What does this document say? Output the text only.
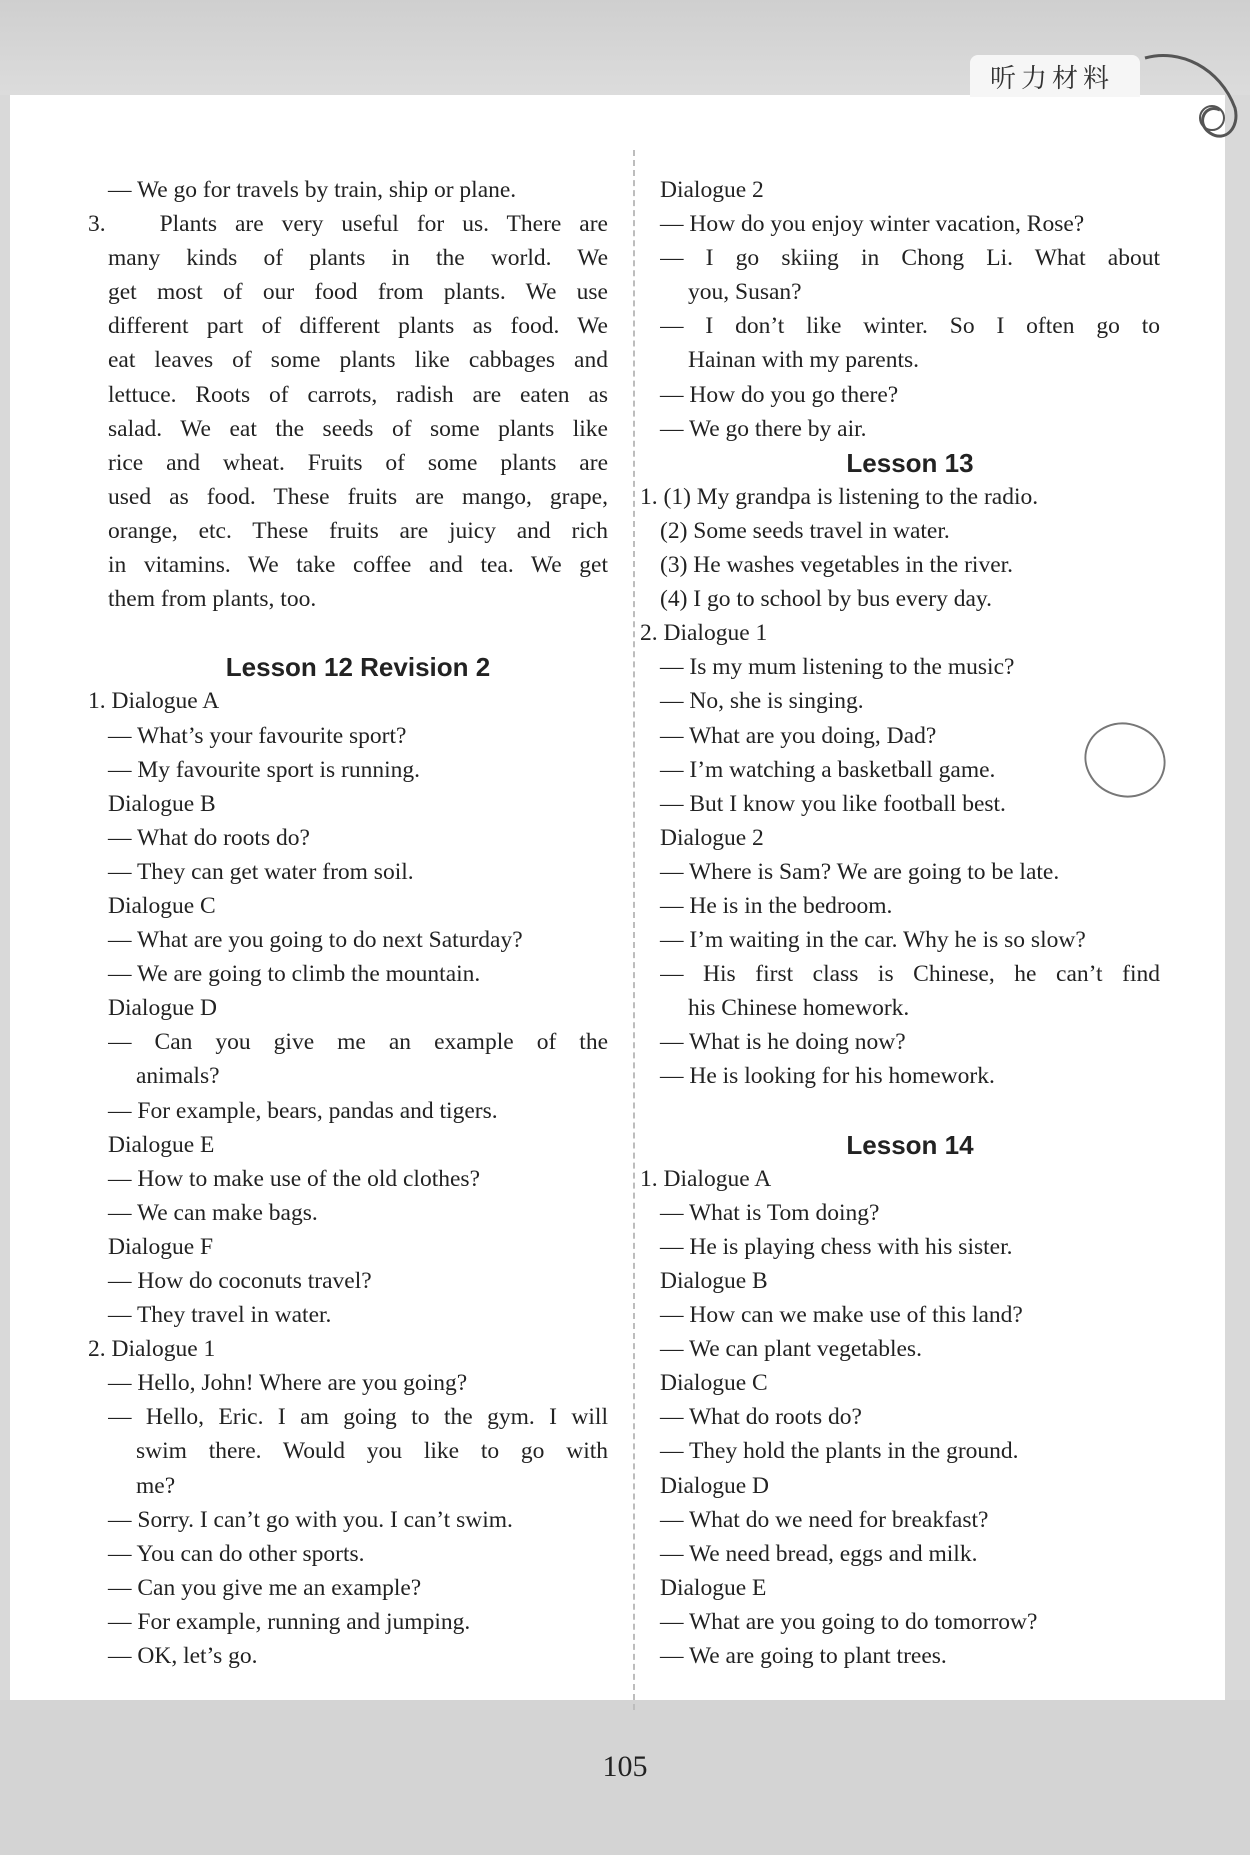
听力材料
— We go for travels by train, ship or plane.
3.   Plants are very useful for us. There are
many kinds of plants in the world. We
get most of our food from plants. We use
different part of different plants as food. We
eat leaves of some plants like cabbages and
lettuce. Roots of carrots, radish are eaten as
salad. We eat the seeds of some plants like
rice and wheat. Fruits of some plants are
used as food. These fruits are mango, grape,
orange, etc. These fruits are juicy and rich
in vitamins. We take coffee and tea. We get
them from plants, too.
Lesson 12 Revision 2
1. Dialogue A
— What’s your favourite sport?
— My favourite sport is running.
Dialogue B
— What do roots do?
— They can get water from soil.
Dialogue C
— What are you going to do next Saturday?
— We are going to climb the mountain.
Dialogue D
— Can you give me an example of the
animals?
— For example, bears, pandas and tigers.
Dialogue E
— How to make use of the old clothes?
— We can make bags.
Dialogue F
— How do coconuts travel?
— They travel in water.
2. Dialogue 1
— Hello, John! Where are you going?
— Hello, Eric. I am going to the gym. I will
swim there. Would you like to go with
me?
— Sorry. I can’t go with you. I can’t swim.
— You can do other sports.
— Can you give me an example?
— For example, running and jumping.
— OK, let’s go.
Dialogue 2
— How do you enjoy winter vacation, Rose?
— I go skiing in Chong Li. What about
you, Susan?
— I don’t like winter. So I often go to
Hainan with my parents.
— How do you go there?
— We go there by air.
Lesson 13
1. (1) My grandpa is listening to the radio.
(2) Some seeds travel in water.
(3) He washes vegetables in the river.
(4) I go to school by bus every day.
2. Dialogue 1
— Is my mum listening to the music?
— No, she is singing.
— What are you doing, Dad?
— I’m watching a basketball game.
— But I know you like football best.
Dialogue 2
— Where is Sam? We are going to be late.
— He is in the bedroom.
— I’m waiting in the car. Why he is so slow?
— His first class is Chinese, he can’t find
his Chinese homework.
— What is he doing now?
— He is looking for his homework.
Lesson 14
1. Dialogue A
— What is Tom doing?
— He is playing chess with his sister.
Dialogue B
— How can we make use of this land?
— We can plant vegetables.
Dialogue C
— What do roots do?
— They hold the plants in the ground.
Dialogue D
— What do we need for breakfast?
— We need bread, eggs and milk.
Dialogue E
— What are you going to do tomorrow?
— We are going to plant trees.
105
